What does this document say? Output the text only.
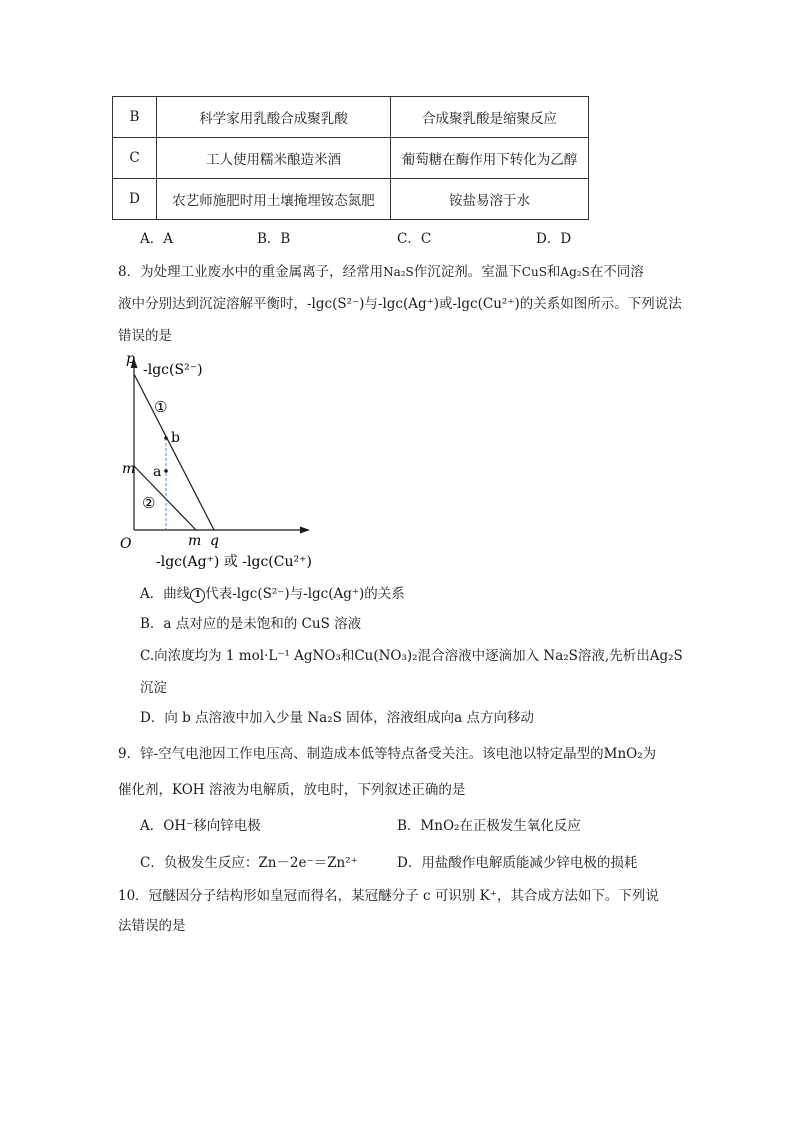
B	科学家用乳酸合成聚乳酸	合成聚乳酸是缩聚反应
C	工人使用糯米酿造米酒	葡萄糖在酶作用下转化为乙醇
D	农艺师施肥时用土壤掩埋铵态氮肥	铵盐易溶于水
A．A	B．B	C．C	D．D
8．为处理工业废水中的重金属离子，经常用Na₂S作沉淀剂。室温下CuS和Ag₂S在不同溶
液中分别达到沉淀溶解平衡时，-lgc(S²⁻)与-lgc(Ag⁺)或-lgc(Cu²⁺)的关系如图所示。下列说法
错误的是
-lgc(S²⁻)
p
m
O	m q
①
②
b
a
-lgc(Ag⁺) 或 -lgc(Cu²⁺)
A．曲线 1 代表-lgc(S²⁻)与-lgc(Ag⁺)的关系
B．a 点对应的是未饱和的 CuS 溶液
C.向浓度均为 1 mol·L⁻¹ AgNO₃和Cu(NO₃)₂混合溶液中逐滴加入 Na₂S溶液,先析出Ag₂S
沉淀
D．向 b 点溶液中加入少量 Na₂S 固体，溶液组成向a 点方向移动
9．锌-空气电池因工作电压高、制造成本低等特点备受关注。该电池以特定晶型的MnO₂为
催化剂，KOH 溶液为电解质，放电时，下列叙述正确的是
A．OH⁻移向锌电极	B．MnO₂在正极发生氧化反应
C．负极发生反应：Zn－2e⁻＝Zn²⁺	D．用盐酸作电解质能减少锌电极的损耗
10．冠醚因分子结构形如皇冠而得名，某冠醚分子 c 可识别 K⁺，其合成方法如下。下列说
法错误的是
